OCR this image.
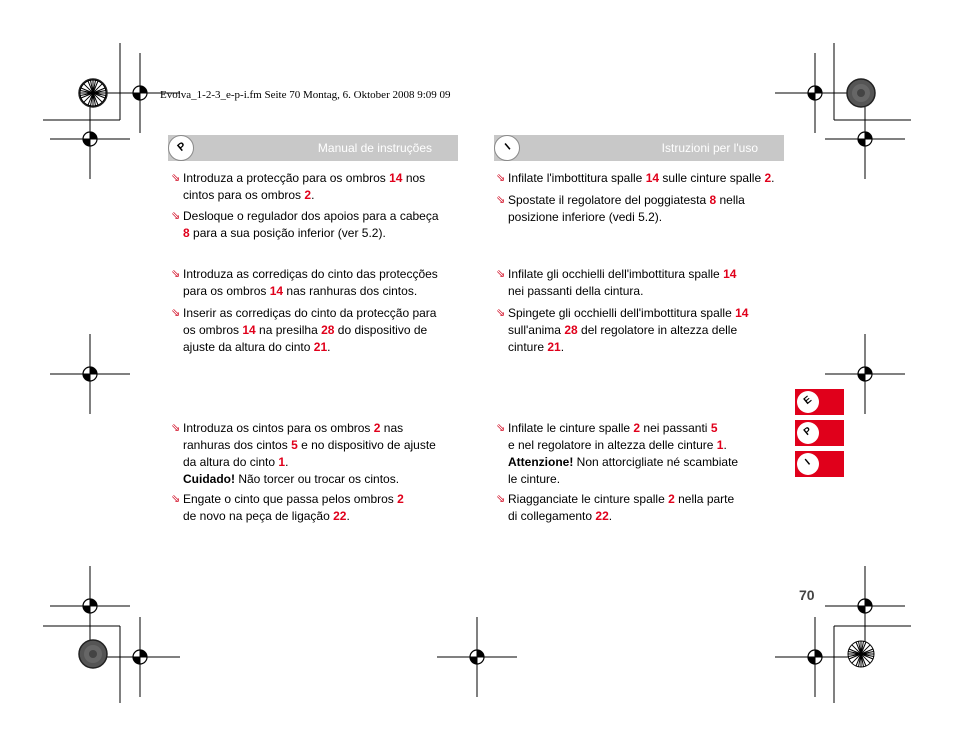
Evolva_1-2-3_e-p-i.fm Seite 70 Montag, 6. Oktober 2008 9:09 09
P	Manual de instruções	I	Istruzioni per l'uso
⇘ Introduza a protecção para os ombros 14 nos
cintos para os ombros 2.
⇘ Desloque o regulador dos apoios para a cabeça
8 para a sua posição inferior (ver 5.2).
⇘ Introduza as corrediças do cinto das protecções
para os ombros 14 nas ranhuras dos cintos.
⇘ Inserir as corrediças do cinto da protecção para
os ombros 14 na presilha 28 do dispositivo de
ajuste da altura do cinto 21.
⇘ Introduza os cintos para os ombros 2 nas
ranhuras dos cintos 5 e no dispositivo de ajuste
da altura do cinto 1.
Cuidado! Não torcer ou trocar os cintos.
⇘ Engate o cinto que passa pelos ombros 2
de novo na peça de ligação 22.
⇘ Infilate l'imbottitura spalle 14 sulle cinture spalle 2.
⇘ Spostate il regolatore del poggiatesta 8 nella
posizione inferiore (vedi 5.2).
⇘ Infilate gli occhielli dell'imbottitura spalle 14
nei passanti della cintura.
⇘ Spingete gli occhielli dell'imbottitura spalle 14
sull'anima 28 del regolatore in altezza delle
cinture 21.
⇘ Infilate le cinture spalle 2 nei passanti 5
e nel regolatore in altezza delle cinture 1.
Attenzione! Non attorcigliate né scambiate
le cinture.
⇘ Riagganciate le cinture spalle 2 nella parte
di collegamento 22.
E
P
I
70
